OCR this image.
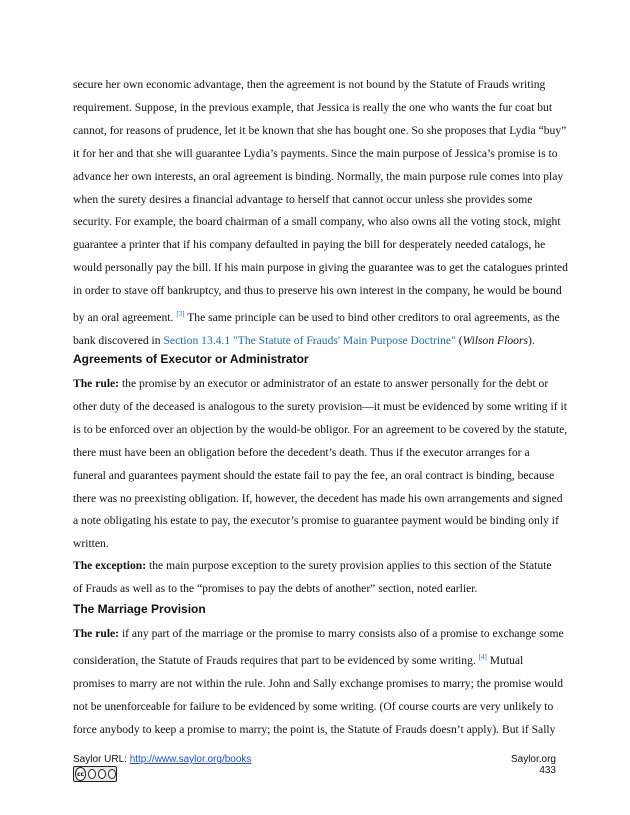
secure her own economic advantage, then the agreement is not bound by the Statute of Frauds writing
requirement. Suppose, in the previous example, that Jessica is really the one who wants the fur coat but
cannot, for reasons of prudence, let it be known that she has bought one. So she proposes that Lydia “buy”
it for her and that she will guarantee Lydia’s payments. Since the main purpose of Jessica’s promise is to
advance her own interests, an oral agreement is binding. Normally, the main purpose rule comes into play
when the surety desires a financial advantage to herself that cannot occur unless she provides some
security. For example, the board chairman of a small company, who also owns all the voting stock, might
guarantee a printer that if his company defaulted in paying the bill for desperately needed catalogs, he
would personally pay the bill. If his main purpose in giving the guarantee was to get the catalogues printed
in order to stave off bankruptcy, and thus to preserve his own interest in the company, he would be bound
by an oral agreement. [3] The same principle can be used to bind other creditors to oral agreements, as the
bank discovered in Section 13.4.1 "The Statute of Frauds' Main Purpose Doctrine" (Wilson Floors).
Agreements of Executor or Administrator
The rule: the promise by an executor or administrator of an estate to answer personally for the debt or
other duty of the deceased is analogous to the surety provision—it must be evidenced by some writing if it
is to be enforced over an objection by the would-be obligor. For an agreement to be covered by the statute,
there must have been an obligation before the decedent’s death. Thus if the executor arranges for a
funeral and guarantees payment should the estate fail to pay the fee, an oral contract is binding, because
there was no preexisting obligation. If, however, the decedent has made his own arrangements and signed
a note obligating his estate to pay, the executor’s promise to guarantee payment would be binding only if
written.
The exception: the main purpose exception to the surety provision applies to this section of the Statute
of Frauds as well as to the “promises to pay the debts of another” section, noted earlier.
The Marriage Provision
The rule: if any part of the marriage or the promise to marry consists also of a promise to exchange some
consideration, the Statute of Frauds requires that part to be evidenced by some writing. [4] Mutual
promises to marry are not within the rule. John and Sally exchange promises to marry; the promise would
not be unenforceable for failure to be evidenced by some writing. (Of course courts are very unlikely to
force anybody to keep a promise to marry; the point is, the Statute of Frauds doesn’t apply). But if Sally
Saylor URL: http://www.saylor.org/books
cc
Saylor.org
433
